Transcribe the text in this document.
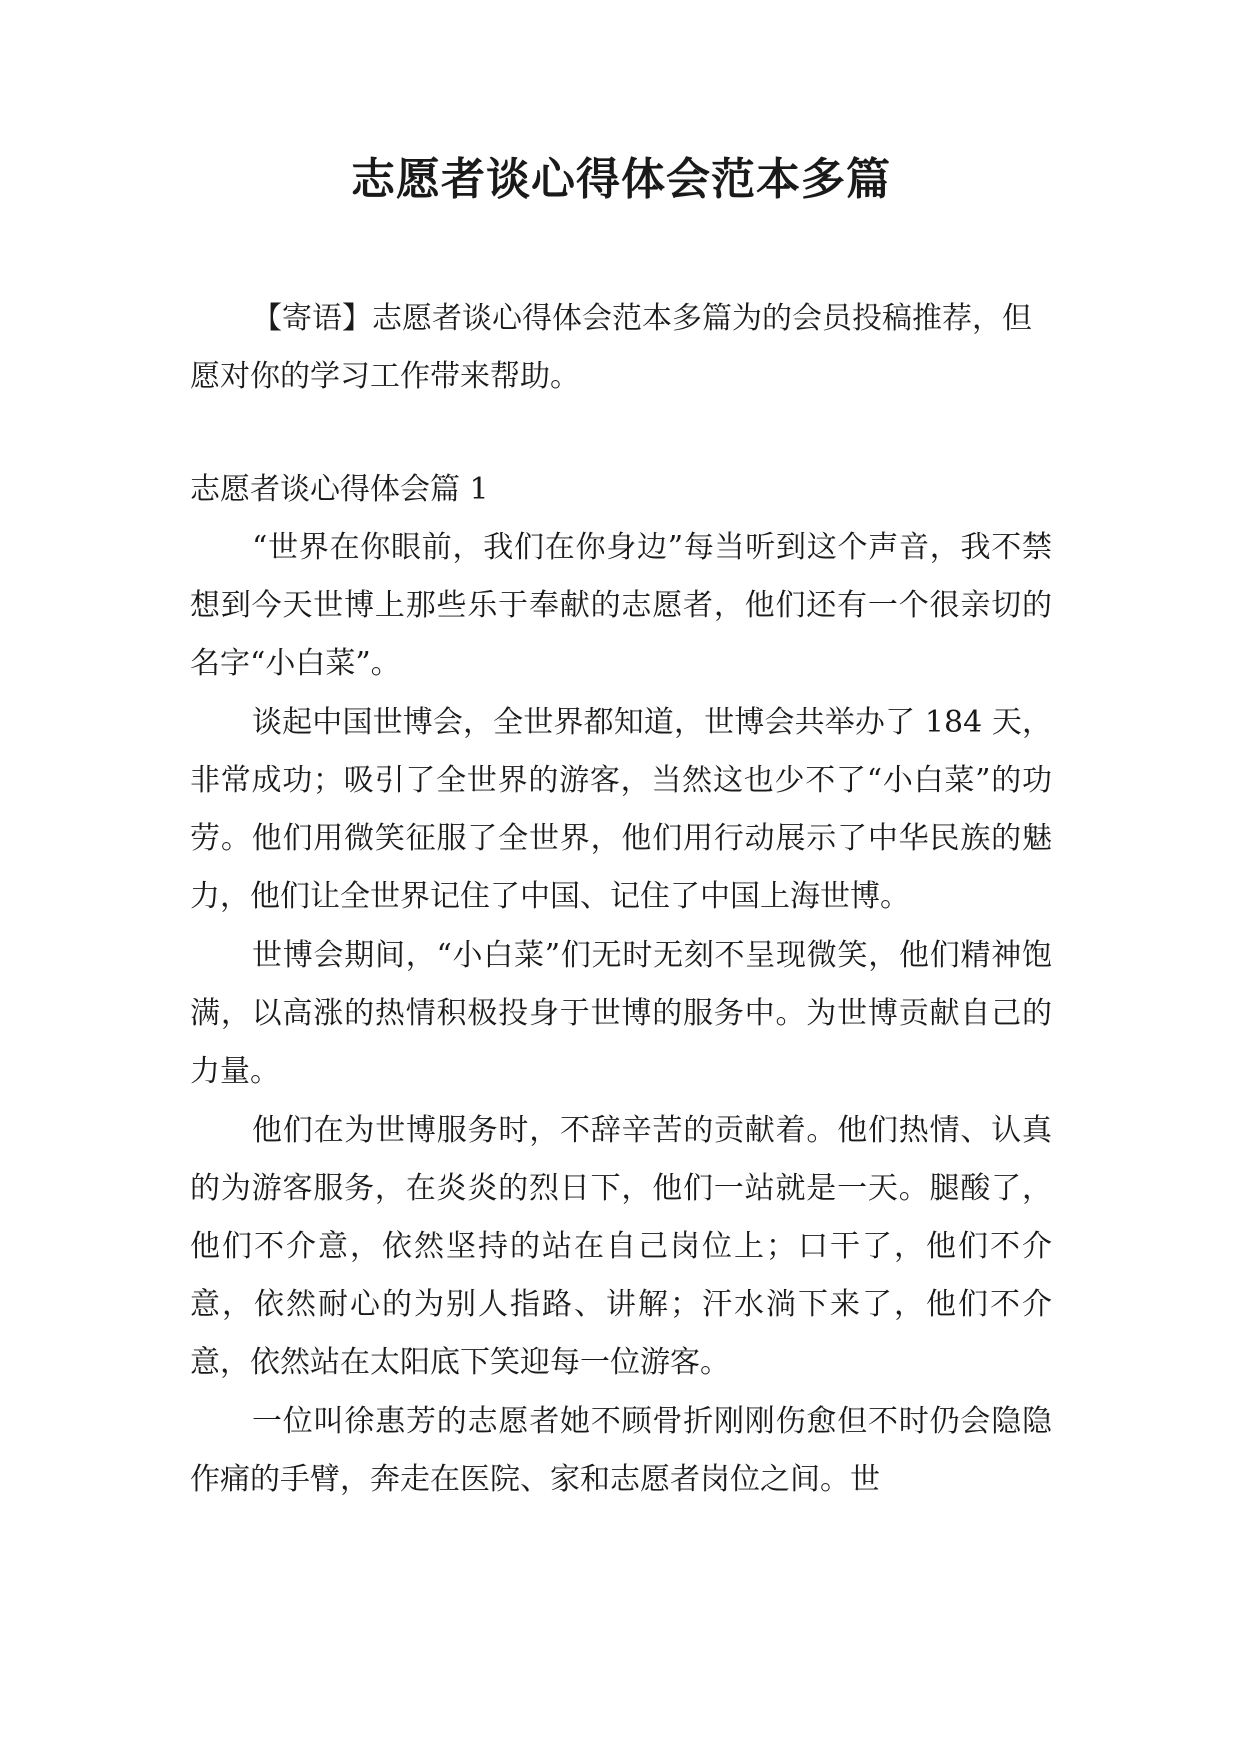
志愿者谈心得体会范本多篇

【寄语】志愿者谈心得体会范本多篇为的会员投稿推荐，但愿对你的学习工作带来帮助。

志愿者谈心得体会篇 1

“世界在你眼前，我们在你身边”每当听到这个声音，我不禁想到今天世博上那些乐于奉献的志愿者，他们还有一个很亲切的名字“小白菜”。

谈起中国世博会，全世界都知道，世博会共举办了 184 天，非常成功；吸引了全世界的游客，当然这也少不了“小白菜”的功劳。他们用微笑征服了全世界，他们用行动展示了中华民族的魅力，他们让全世界记住了中国、记住了中国上海世博。

世博会期间，“小白菜”们无时无刻不呈现微笑，他们精神饱满，以高涨的热情积极投身于世博的服务中。为世博贡献自己的力量。

他们在为世博服务时，不辞辛苦的贡献着。他们热情、认真的为游客服务，在炎炎的烈日下，他们一站就是一天。腿酸了，他们不介意，依然坚持的站在自己岗位上；口干了，他们不介意，依然耐心的为别人指路、讲解；汗水淌下来了，他们不介意，依然站在太阳底下笑迎每一位游客。

一位叫徐惠芳的志愿者她不顾骨折刚刚伤愈但不时仍会隐隐作痛的手臂，奔走在医院、家和志愿者岗位之间。世
